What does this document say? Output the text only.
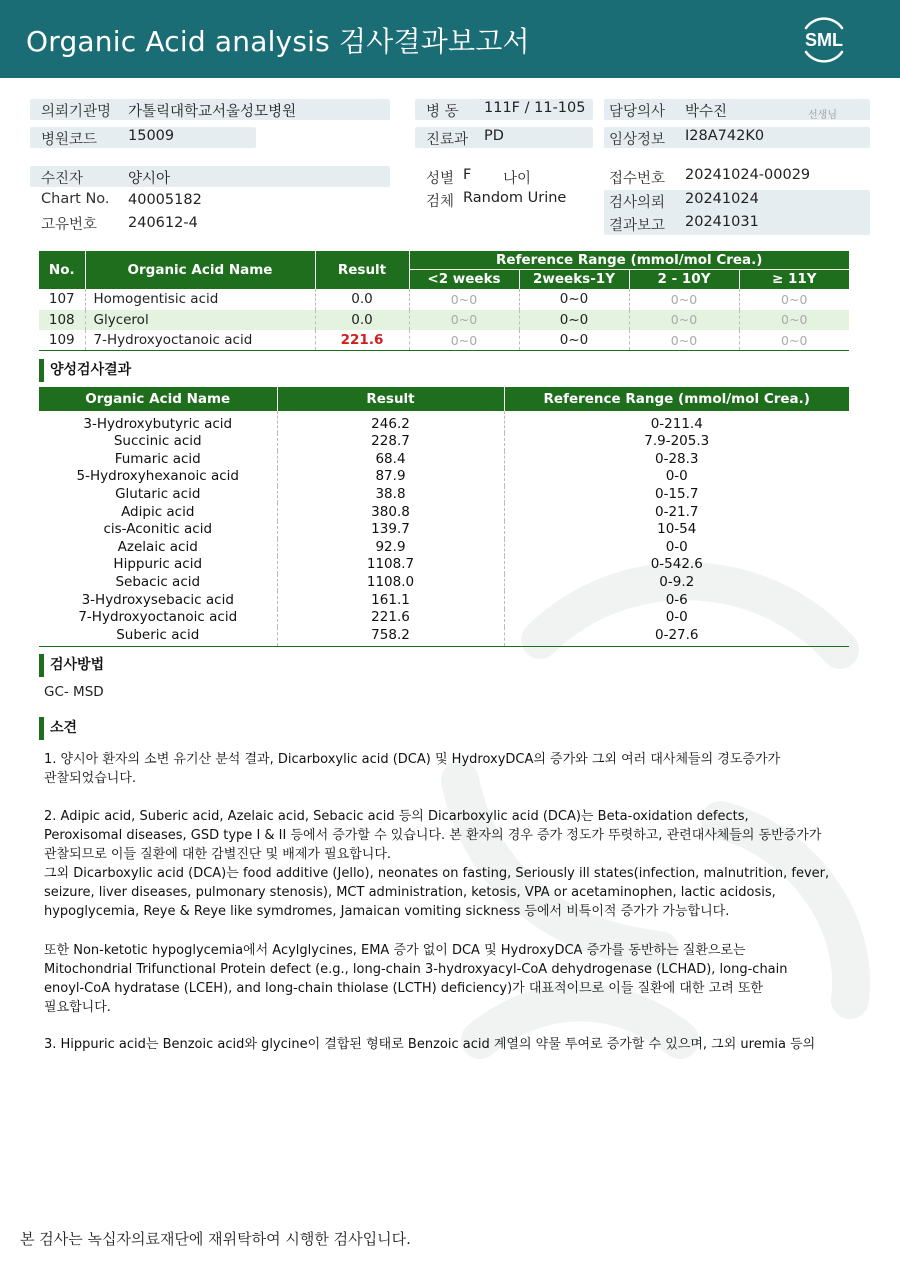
Organic Acid analysis 검사결과보고서	SML
의뢰기관명 가톨릭대학교서울성모병원
병원코드 15009
병 동 111F / 11-105
진료과 PD
담당의사 박수진	선생님
임상정보 I28A742K0
수진자	양시아
Chart No. 40005182
고유번호 240612-4
성별 F 나이
검체 Random Urine
접수번호 20241024-00029
검사의뢰 20241024
결과보고 20241031
No.	Organic Acid Name	Result	Reference Range (mmol/mol Crea.)			
			<2 weeks	2weeks-1Y	2 - 10Y	≥ 11Y
107	Homogentisic acid	0.0	0~0	0~0	0~0	0~0
108	Glycerol	0.0	0~0	0~0	0~0	0~0
109	7-Hydroxyoctanoic acid	221.6	0~0	0~0	0~0	0~0
양성검사결과
Organic Acid Name	Result	Reference Range (mmol/mol Crea.)
3-Hydroxybutyric acid	246.2	0-211.4
Succinic acid	228.7	7.9-205.3
Fumaric acid	68.4	0-28.3
5-Hydroxyhexanoic acid	87.9	0-0
Glutaric acid	38.8	0-15.7
Adipic acid	380.8	0-21.7
cis-Aconitic acid	139.7	10-54
Azelaic acid	92.9	0-0
Hippuric acid	1108.7	0-542.6
Sebacic acid	1108.0	0-9.2
3-Hydroxysebacic acid	161.1	0-6
7-Hydroxyoctanoic acid	221.6	0-0
Suberic acid	758.2	0-27.6
검사방법
GC- MSD
소견
1. 양시아 환자의 소변 유기산 분석 결과, Dicarboxylic acid (DCA) 및 HydroxyDCA의 증가와 그외 여러 대사체들의 경도증가가
관찰되었습니다.
2. Adipic acid, Suberic acid, Azelaic acid, Sebacic acid 등의 Dicarboxylic acid (DCA)는 Beta-oxidation defects,
Peroxisomal diseases, GSD type I & II 등에서 증가할 수 있습니다. 본 환자의 경우 증가 정도가 뚜렷하고, 관련대사체들의 동반증가가
관찰되므로 이들 질환에 대한 감별진단 및 배제가 필요합니다.
그외 Dicarboxylic acid (DCA)는 food additive (Jello), neonates on fasting, Seriously ill states(infection, malnutrition, fever,
seizure, liver diseases, pulmonary stenosis), MCT administration, ketosis, VPA or acetaminophen, lactic acidosis,
hypoglycemia, Reye & Reye like symdromes, Jamaican vomiting sickness 등에서 비특이적 증가가 가능합니다.
또한 Non-ketotic hypoglycemia에서 Acylglycines, EMA 증가 없이 DCA 및 HydroxyDCA 증가를 동반하는 질환으로는
Mitochondrial Trifunctional Protein defect (e.g., long-chain 3-hydroxyacyl-CoA dehydrogenase (LCHAD), long-chain
enoyl-CoA hydratase (LCEH), and long-chain thiolase (LCTH) deficiency)가 대표적이므로 이들 질환에 대한 고려 또한
필요합니다.
3. Hippuric acid는 Benzoic acid와 glycine이 결합된 형태로 Benzoic acid 계열의 약물 투여로 증가할 수 있으며, 그외 uremia 등의
본 검사는 녹십자의료재단에 재위탁하여 시행한 검사입니다.
